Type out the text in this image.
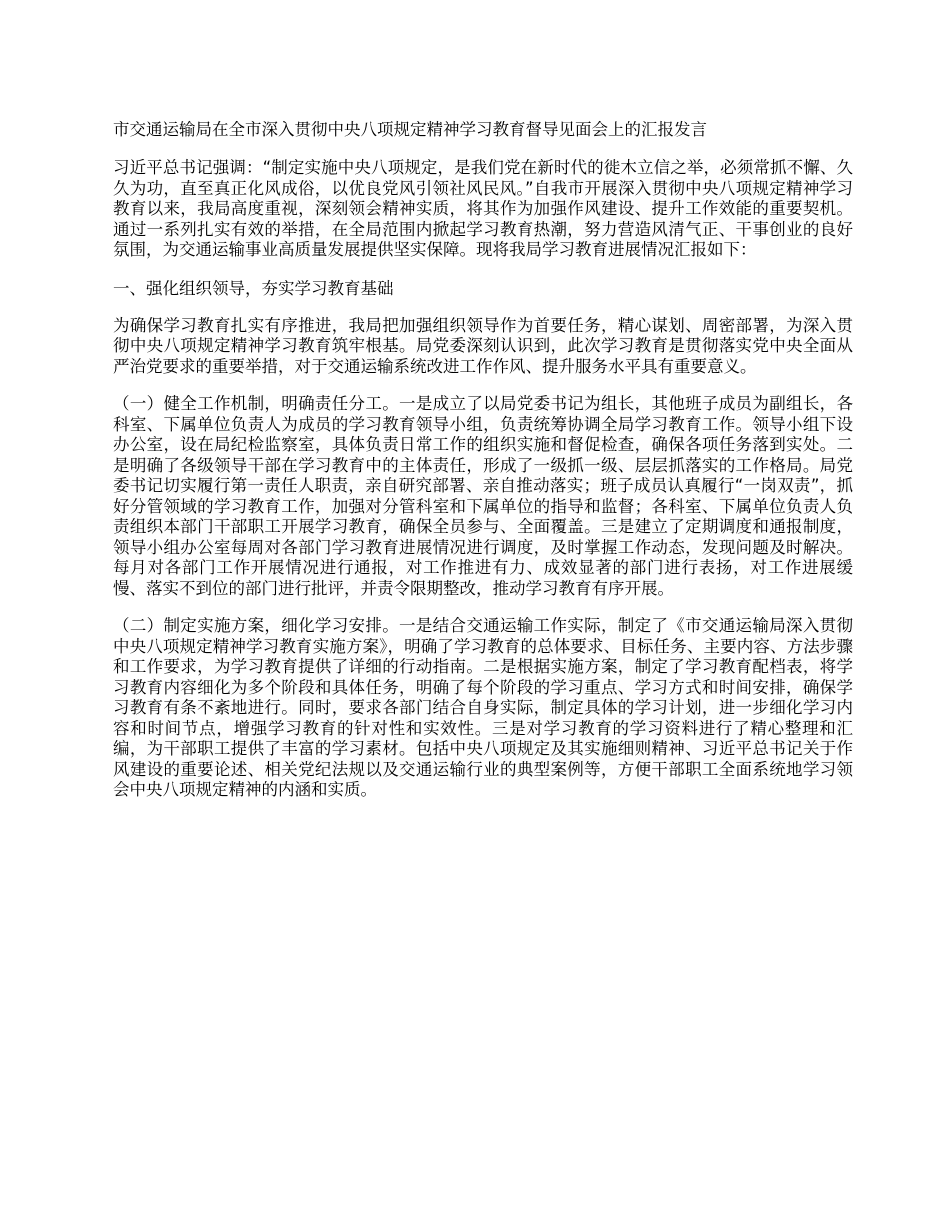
市交通运输局在全市深入贯彻中央八项规定精神学习教育督导见面会上的汇报发言
习近平总书记强调：“制定实施中央八项规定，是我们党在新时代的徙木立信之举，必须常抓不懈、久久为功，直至真正化风成俗，以优良党风引领社风民风。”自我市开展深入贯彻中央八项规定精神学习教育以来，我局高度重视，深刻领会精神实质，将其作为加强作风建设、提升工作效能的重要契机。通过一系列扎实有效的举措，在全局范围内掀起学习教育热潮，努力营造风清气正、干事创业的良好氛围，为交通运输事业高质量发展提供坚实保障。现将我局学习教育进展情况汇报如下：
一、强化组织领导，夯实学习教育基础
为确保学习教育扎实有序推进，我局把加强组织领导作为首要任务，精心谋划、周密部署，为深入贯彻中央八项规定精神学习教育筑牢根基。局党委深刻认识到，此次学习教育是贯彻落实党中央全面从严治党要求的重要举措，对于交通运输系统改进工作作风、提升服务水平具有重要意义。
（一）健全工作机制，明确责任分工。一是成立了以局党委书记为组长，其他班子成员为副组长，各科室、下属单位负责人为成员的学习教育领导小组，负责统筹协调全局学习教育工作。领导小组下设办公室，设在局纪检监察室，具体负责日常工作的组织实施和督促检查，确保各项任务落到实处。二是明确了各级领导干部在学习教育中的主体责任，形成了一级抓一级、层层抓落实的工作格局。局党委书记切实履行第一责任人职责，亲自研究部署、亲自推动落实；班子成员认真履行“一岗双责”，抓好分管领域的学习教育工作，加强对分管科室和下属单位的指导和监督；各科室、下属单位负责人负责组织本部门干部职工开展学习教育，确保全员参与、全面覆盖。三是建立了定期调度和通报制度，领导小组办公室每周对各部门学习教育进展情况进行调度，及时掌握工作动态，发现问题及时解决。每月对各部门工作开展情况进行通报，对工作推进有力、成效显著的部门进行表扬，对工作进展缓慢、落实不到位的部门进行批评，并责令限期整改，推动学习教育有序开展。
（二）制定实施方案，细化学习安排。一是结合交通运输工作实际，制定了《市交通运输局深入贯彻中央八项规定精神学习教育实施方案》，明确了学习教育的总体要求、目标任务、主要内容、方法步骤和工作要求，为学习教育提供了详细的行动指南。二是根据实施方案，制定了学习教育配档表，将学习教育内容细化为多个阶段和具体任务，明确了每个阶段的学习重点、学习方式和时间安排，确保学习教育有条不紊地进行。同时，要求各部门结合自身实际，制定具体的学习计划，进一步细化学习内容和时间节点，增强学习教育的针对性和实效性。三是对学习教育的学习资料进行了精心整理和汇编，为干部职工提供了丰富的学习素材。包括中央八项规定及其实施细则精神、习近平总书记关于作风建设的重要论述、相关党纪法规以及交通运输行业的典型案例等，方便干部职工全面系统地学习领会中央八项规定精神的内涵和实质。
